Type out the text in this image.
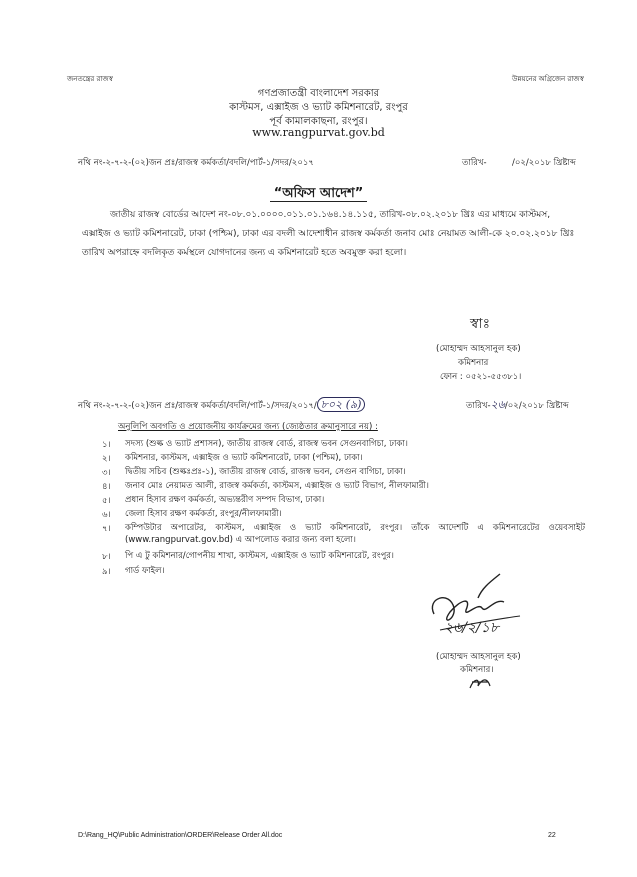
জনতন্ত্রের রাজস্ব	উন্নয়নের অগ্রিজেন রাজস্ব
গণপ্রজাতন্ত্রী বাংলাদেশ সরকার
কাস্টমস, এক্সাইজ ও ভ্যাট কমিশনারেট, রংপুর
পূর্ব কামালকাছনা, রংপুর।
www.rangpurvat.gov.bd
নথি নং-২-৭-২-(০২)জন প্রঃ/রাজস্ব কর্মকর্তা/বদলি/পার্ট-১/সদর/২০১৭	তারিখ-	/০২/২০১৮ খ্রিষ্টাব্দ
“অফিস আদেশ”
জাতীয় রাজস্ব বোর্ডের আদেশ নং-০৮.০১.০০০০.০১১.০১.১৬৪.১৪.১১৫, তারিখ-০৮.০২.২০১৮ খ্রিঃ এর মাধ্যমে কাস্টমস,
এক্সাইজ ও ভ্যাট কমিশনারেট, ঢাকা (পশ্চিম), ঢাকা এর বদলী আদেশাধীন রাজস্ব কর্মকর্তা জনাব মোঃ নেয়ামত আলী-কে ২০.০২.২০১৮ খ্রিঃ
তারিখ অপরাহ্নে বদলিকৃত কর্মস্থলে যোগদানের জন্য এ কমিশনারেট হতে অবমুক্ত করা হলো।
স্বাঃ
(মোহাম্মদ আহসানুল হক)
কমিশনার
ফোন : ০৫২১-৫৫৩৮১।
নথি নং-২-৭-২-(০২)জন প্রঃ/রাজস্ব কর্মকর্তা/বদলি/পার্ট-১/সদর/২০১৭/ ৮০২ (৯)	তারিখ-২৬/০২/২০১৮ খ্রিষ্টাব্দ
অনুলিপি অবগতি ও প্রয়োজনীয় কার্যক্রমের জন্য (জ্যেষ্ঠতার ক্রমানুসারে নয়) :
১। সদস্য (শুল্ক ও ভ্যাট প্রশাসন), জাতীয় রাজস্ব বোর্ড, রাজস্ব ভবন সেগুনবাগিচা, ঢাকা।
২। কমিশনার, কাস্টমস, এক্সাইজ ও ভ্যাট কমিশনারেট, ঢাকা (পশ্চিম), ঢাকা।
৩। দ্বিতীয় সচিব (শুল্কঃপ্রঃ-১), জাতীয় রাজস্ব বোর্ড, রাজস্ব ভবন, সেগুন বাগিচা, ঢাকা।
৪। জনাব মোঃ নেয়ামত আলী, রাজস্ব কর্মকর্তা, কাস্টমস, এক্সাইজ ও ভ্যাট বিভাগ, নীলফামারী।
৫। প্রধান হিসাব রক্ষণ কর্মকর্তা, অভ্যন্তরীণ সম্পদ বিভাগ, ঢাকা।
৬। জেলা হিসাব রক্ষণ কর্মকর্তা, রংপুর/নীলফামারী।
৭। কম্পিউটার অপারেটর, কাস্টমস, এক্সাইজ ও ভ্যাট কমিশনারেট, রংপুর। তাঁকে আদেশটি এ কমিশনারেটের ওয়েবসাইট (www.rangpurvat.gov.bd) এ আপলোড করার জন্য বলা হলো।
৮। পি এ টু কমিশনার/গোপনীয় শাখা, কাস্টমস, এক্সাইজ ও ভ্যাট কমিশনারেট, রংপুর।
৯। গার্ড ফাইল।
২৬/২/১৮
(মোহাম্মদ আহসানুল হক)
কমিশনার।
D:\Rang_HQ\Public Administration\ORDER\Release Order All.doc	22
